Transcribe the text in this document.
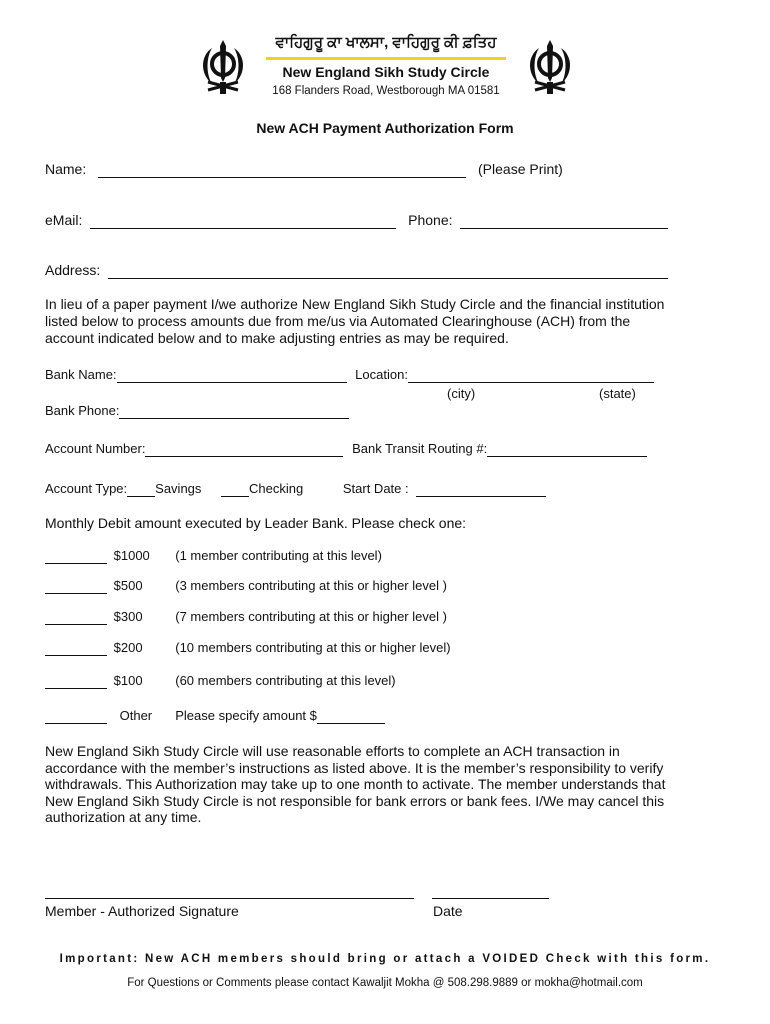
ਵਾਹਿਗੁਰੂ ਕਾ ਖਾਲਸਾ, ਵਾਹਿਗੁਰੂ ਕੀ ਫ਼ਤਿਹ
New England Sikh Study Circle
168 Flanders Road, Westborough MA 01581
New ACH Payment Authorization Form
Name:	(Please Print)
eMail:	Phone:
Address:
In lieu of a paper payment I/we authorize New England Sikh Study Circle and the financial institution
listed below to process amounts due from me/us via Automated Clearinghouse (ACH) from the
account indicated below and to make adjusting entries as may be required.
Bank Name:	Location:
(city)	(state)
Bank Phone:
Account Number:	Bank Transit Routing #:
Account Type: Savings	Checking	Start Date :
Monthly Debit amount executed by Leader Bank. Please check one:
$1000 (1 member contributing at this level)
$500	(3 members contributing at this or higher level )
$300	(7 members contributing at this or higher level )
$200	(10 members contributing at this or higher level)
$100	(60 members contributing at this level)
Other Please specify amount $
New England Sikh Study Circle will use reasonable efforts to complete an ACH transaction in
accordance with the member’s instructions as listed above. It is the member’s responsibility to verify
withdrawals. This Authorization may take up to one month to activate. The member understands that
New England Sikh Study Circle is not responsible for bank errors or bank fees. I/We may cancel this
authorization at any time.
Member - Authorized Signature	Date
Important: New ACH members should bring or attach a VOIDED Check with this form.
For Questions or Comments please contact Kawaljit Mokha @ 508.298.9889 or mokha@hotmail.com
